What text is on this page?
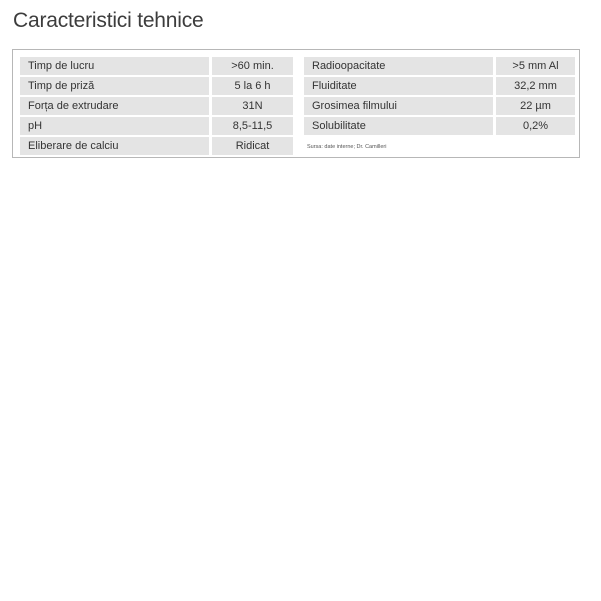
Caracteristici tehnice
Timp de lucru	>60 min.
Timp de priză	5 la 6 h
Forța de extrudare	31N
pH	8,5-11,5
Eliberare de calciu	Ridicat
Radioopacitate	>5 mm Al
Fluiditate	32,2 mm
Grosimea filmului	22 µm
Solubilitate	0,2%
Sursa: date interne; Dr. Camilleri
